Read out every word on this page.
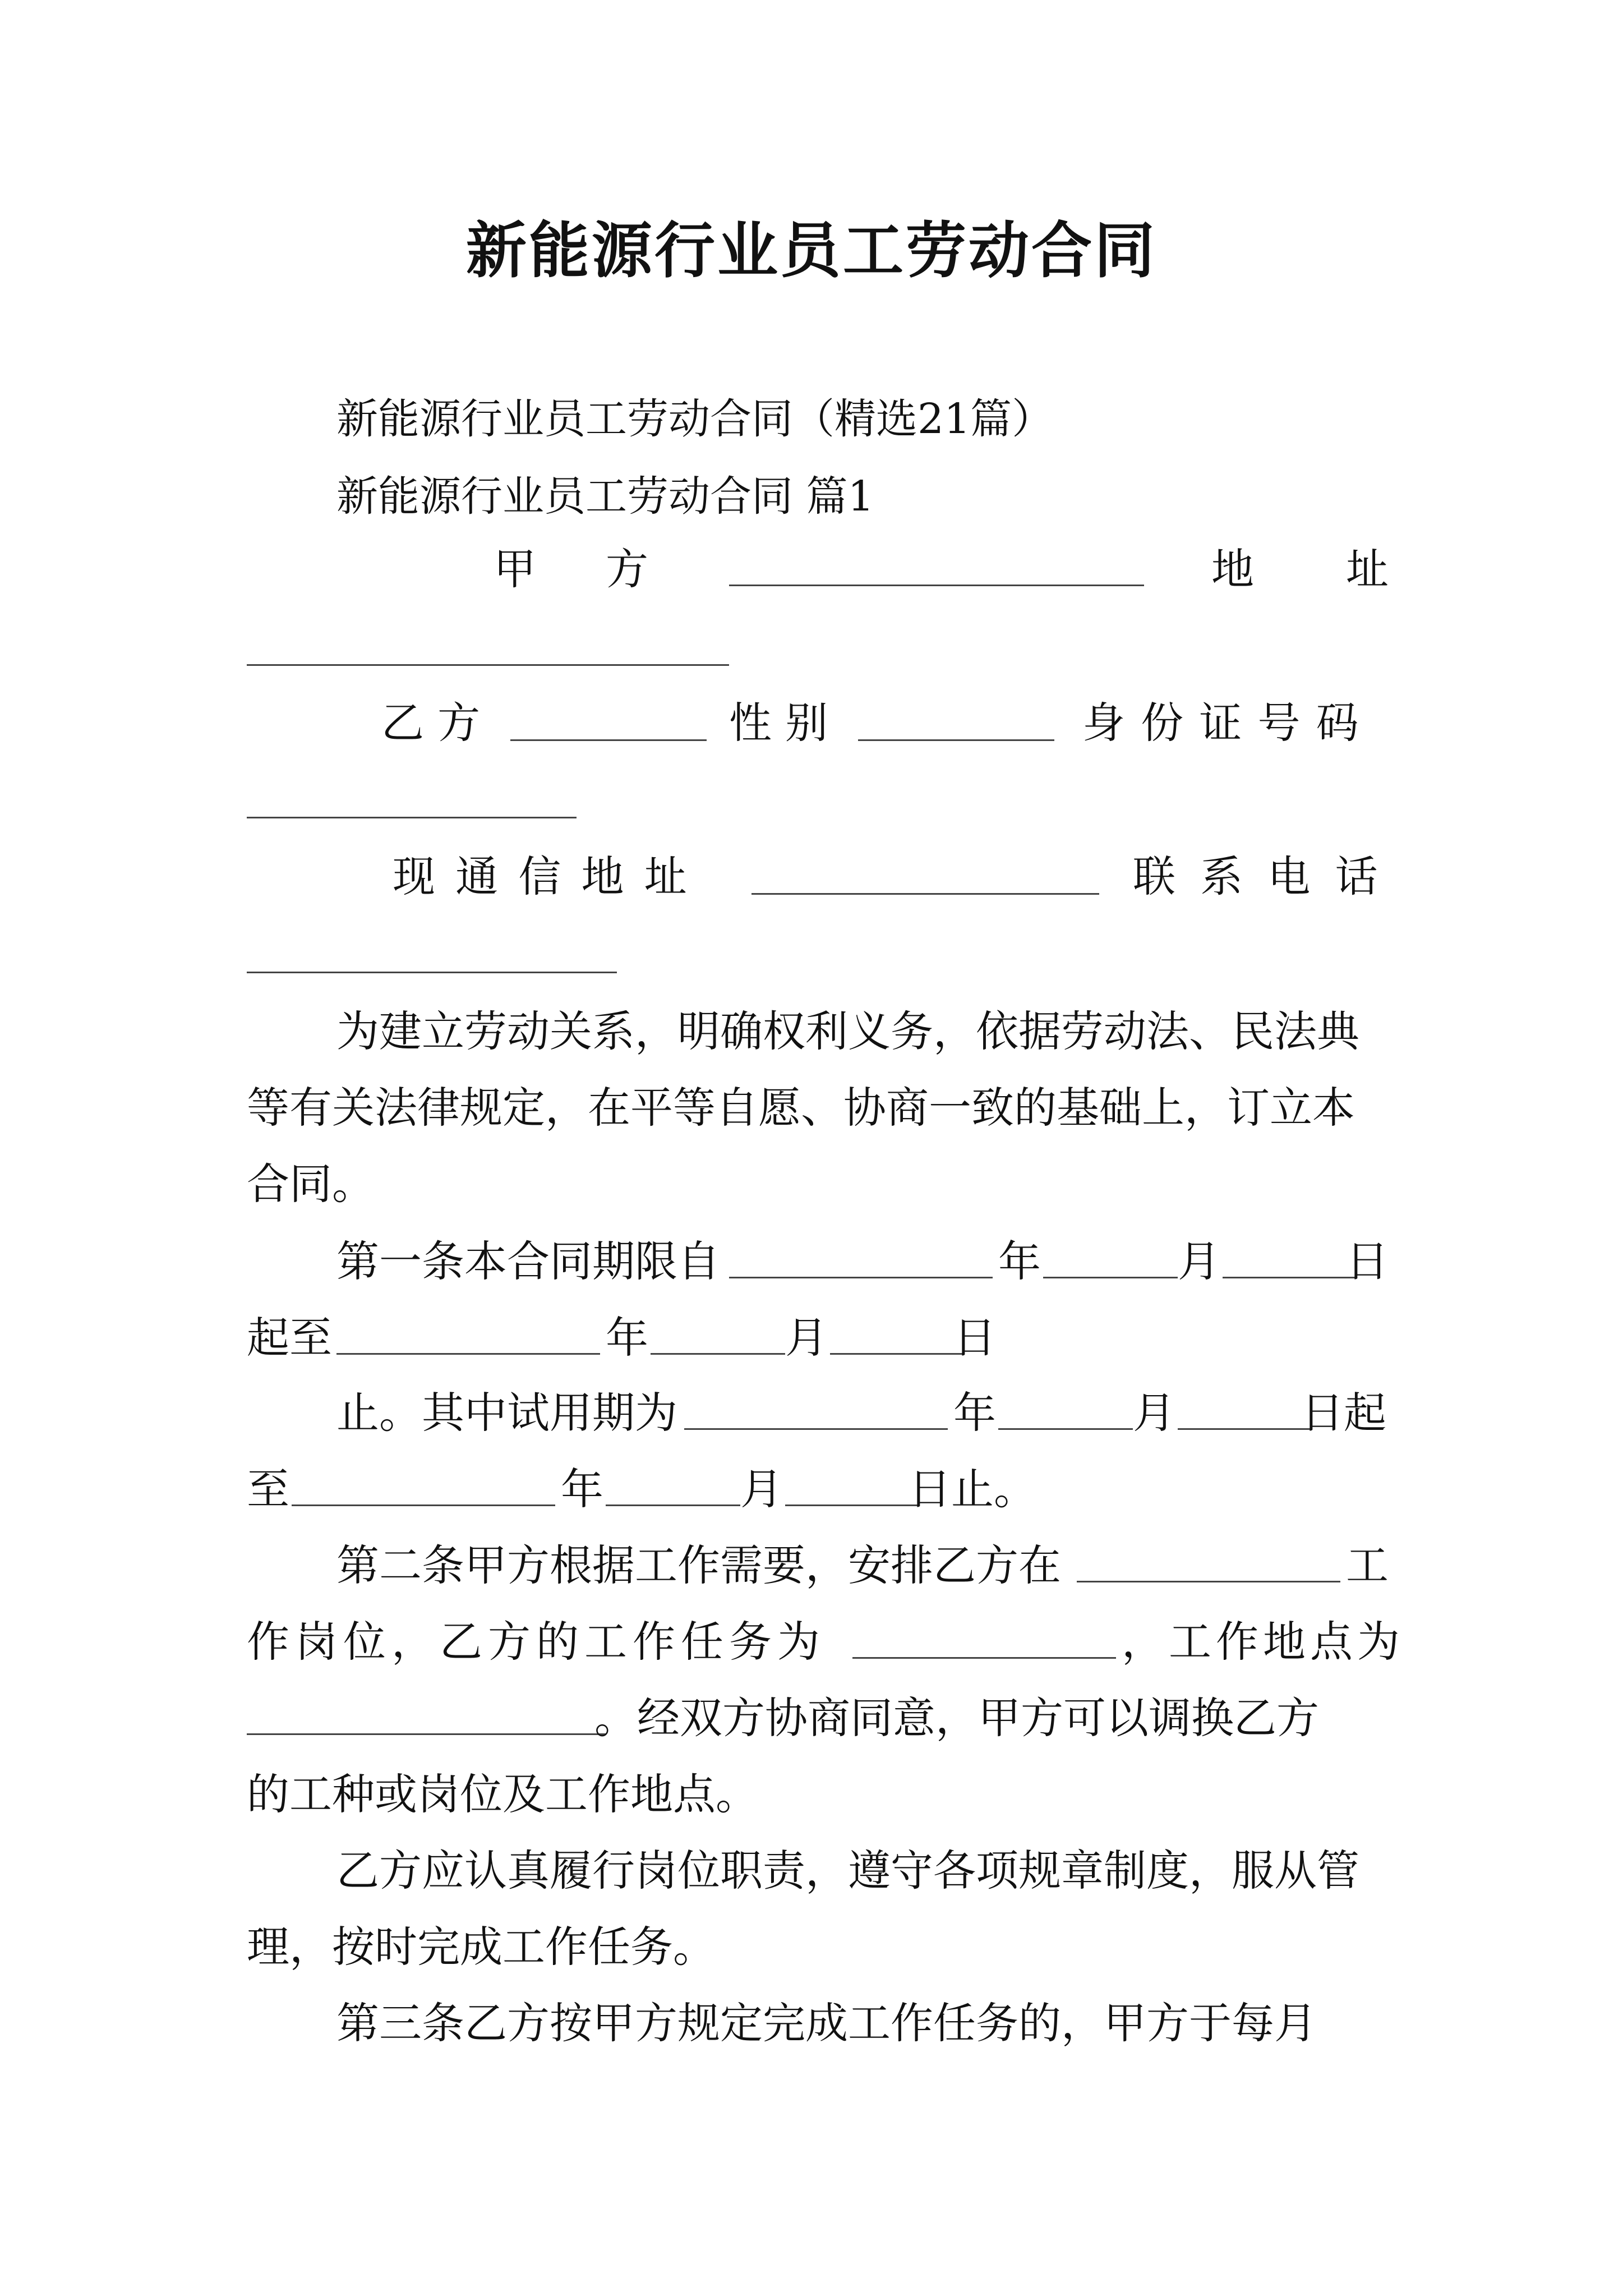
新能源行业员工劳动合同
新能源行业员工劳动合同（精选21篇）
新能源行业员工劳动合同 篇1
甲 方	地 址
乙 方	性 别	身 份 证 号 码
现 通 信 地 址	联 系 电 话
为建立劳动关系，明确权利义务，依据劳动法、民法典
等有关法律规定，在平等自愿、协商一致的基础上，订立本
合同。
第一条本合同期限自	年	月	日
起至	年	月	日
止。其中试用期为	年	月	日起
至	年	月	日止。
第二条甲方根据工作需要，安排乙方在	工
作岗位，乙方的工作任务为	，工作地点为
。经双方协商同意，甲方可以调换乙方
的工种或岗位及工作地点。
乙方应认真履行岗位职责，遵守各项规章制度，服从管
理，按时完成工作任务。
第三条乙方按甲方规定完成工作任务的，甲方于每月
